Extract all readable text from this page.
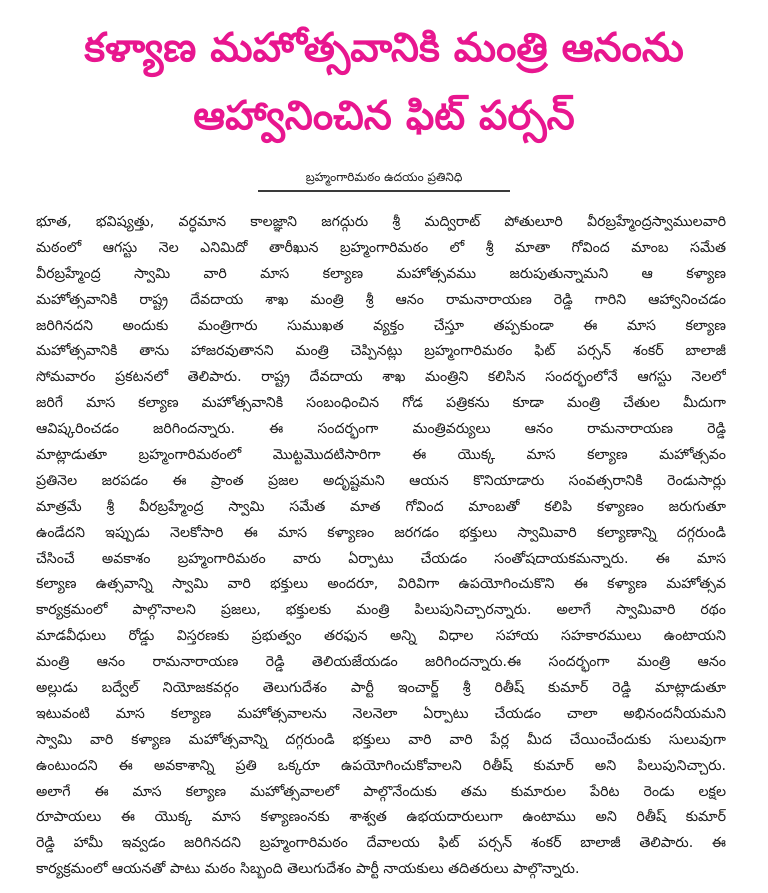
కళ్యాణ మహోత్సవానికి మంత్రి ఆనంను
ఆహ్వానించిన ఫిట్ పర్సన్
బ్రహ్మంగారిమఠం ఉదయం ప్రతినిధి
భూత, భవిష్యత్తు, వర్ధమాన కాలజ్ఞాని జగద్గురు శ్రీ మద్విరాట్ పోతులూరి వీరబ్రహ్మేంద్రస్వాములవారి
మఠంలో ఆగస్టు నెల ఎనిమిదో తారీఖున బ్రహ్మంగారిమఠం లో శ్రీ మాతా గోవింద మాంబ సమేత
వీరబ్రహ్మేంద్ర స్వామి వారి మాస కల్యాణ మహోత్సవము జరుపుతున్నామని ఆ కళ్యాణ
మహోత్సవానికి రాష్ట్ర దేవదాయ శాఖ మంత్రి శ్రీ ఆనం రామనారాయణ రెడ్డి గారిని ఆహ్వానించడం
జరిగినదని అందుకు మంత్రిగారు సుముఖత వ్యక్తం చేస్తూ తప్పకుండా ఈ మాస కల్యాణ
మహోత్సవానికి తాను హాజరవుతానని మంత్రి చెప్పినట్లు బ్రహ్మంగారిమఠం ఫిట్ పర్సన్ శంకర్ బాలాజీ
సోమవారం ప్రకటనలో తెలిపారు. రాష్ట్ర దేవదాయ శాఖ మంత్రిని కలిసిన సందర్భంలోనే ఆగస్టు నెలలో
జరిగే మాస కల్యాణ మహోత్సవానికి సంబంధించిన గోడ పత్రికను కూడా మంత్రి చేతుల మీదుగా
ఆవిష్కరించడం జరిగిందన్నారు. ఈ సందర్భంగా మంత్రివర్యులు ఆనం రామనారాయణ రెడ్డి
మాట్లాడుతూ బ్రహ్మంగారిమఠంలో మొట్టమొదటిసారిగా ఈ యొక్క మాస కల్యాణ మహోత్సవం
ప్రతినెల జరపడం ఈ ప్రాంత ప్రజల అదృష్టమని ఆయన కొనియాడారు సంవత్సరానికి రెండుసార్లు
మాత్రమే శ్రీ వీరబ్రహ్మేంద్ర స్వామి సమేత మాత గోవింద మాంబతో కలిపి కళ్యాణం జరుగుతూ
ఉండేదని ఇప్పుడు నెలకోసారి ఈ మాస కళ్యాణం జరగడం భక్తులు స్వామివారి కల్యాణాన్ని దగ్గరుండి
చేసించే అవకాశం బ్రహ్మంగారిమఠం వారు ఏర్పాటు చేయడం సంతోషదాయకమన్నారు. ఈ మాస
కల్యాణ ఉత్సవాన్ని స్వామి వారి భక్తులు అందరూ, విరివిగా ఉపయోగించుకొని ఈ కళ్యాణ మహోత్సవ
కార్యక్రమంలో పాల్గొనాలని ప్రజలు, భక్తులకు మంత్రి పిలుపునిచ్చారన్నారు. అలాగే స్వామివారి రథం
మాడవీధులు రోడ్డు విస్తరణకు ప్రభుత్వం తరఫున అన్ని విధాల సహాయ సహకారములు ఉంటాయని
మంత్రి ఆనం రామనారాయణ రెడ్డి తెలియజేయడం జరిగిందన్నారు.ఈ సందర్భంగా మంత్రి ఆనం
అల్లుడు బద్వేల్ నియోజకవర్గం తెలుగుదేశం పార్టీ ఇంచార్జ్ శ్రీ రితీష్ కుమార్ రెడ్డి మాట్లాడుతూ
ఇటువంటి మాస కల్యాణ మహోత్సవాలను నెలనెలా ఏర్పాటు చేయడం చాలా అభినందనీయమని
స్వామి వారి కళ్యాణ మహోత్సవాన్ని దగ్గరుండి భక్తులు వారి వారి పేర్ల మీద చేయించేందుకు సులువుగా
ఉంటుందని ఈ అవకాశాన్ని ప్రతి ఒక్కరూ ఉపయోగించుకోవాలని రితీష్ కుమార్ అని పిలుపునిచ్చారు.
అలాగే ఈ మాస కల్యాణ మహోత్సవాలలో పాల్గొనేందుకు తమ కుమారుల పేరిట రెండు లక్షల
రూపాయలు ఈ యొక్క మాస కళ్యాణంనకు శాశ్వత ఉభయదారులుగా ఉంటాము అని రితీష్ కుమార్
రెడ్డి హామీ ఇవ్వడం జరిగినదని బ్రహ్మంగారిమఠం దేవాలయ ఫిట్ పర్సన్ శంకర్ బాలాజీ తెలిపారు. ఈ
కార్యక్రమంలో ఆయనతో పాటు మఠం సిబ్బంది తెలుగుదేశం పార్టీ నాయకులు తదితరులు పాల్గొన్నారు.
